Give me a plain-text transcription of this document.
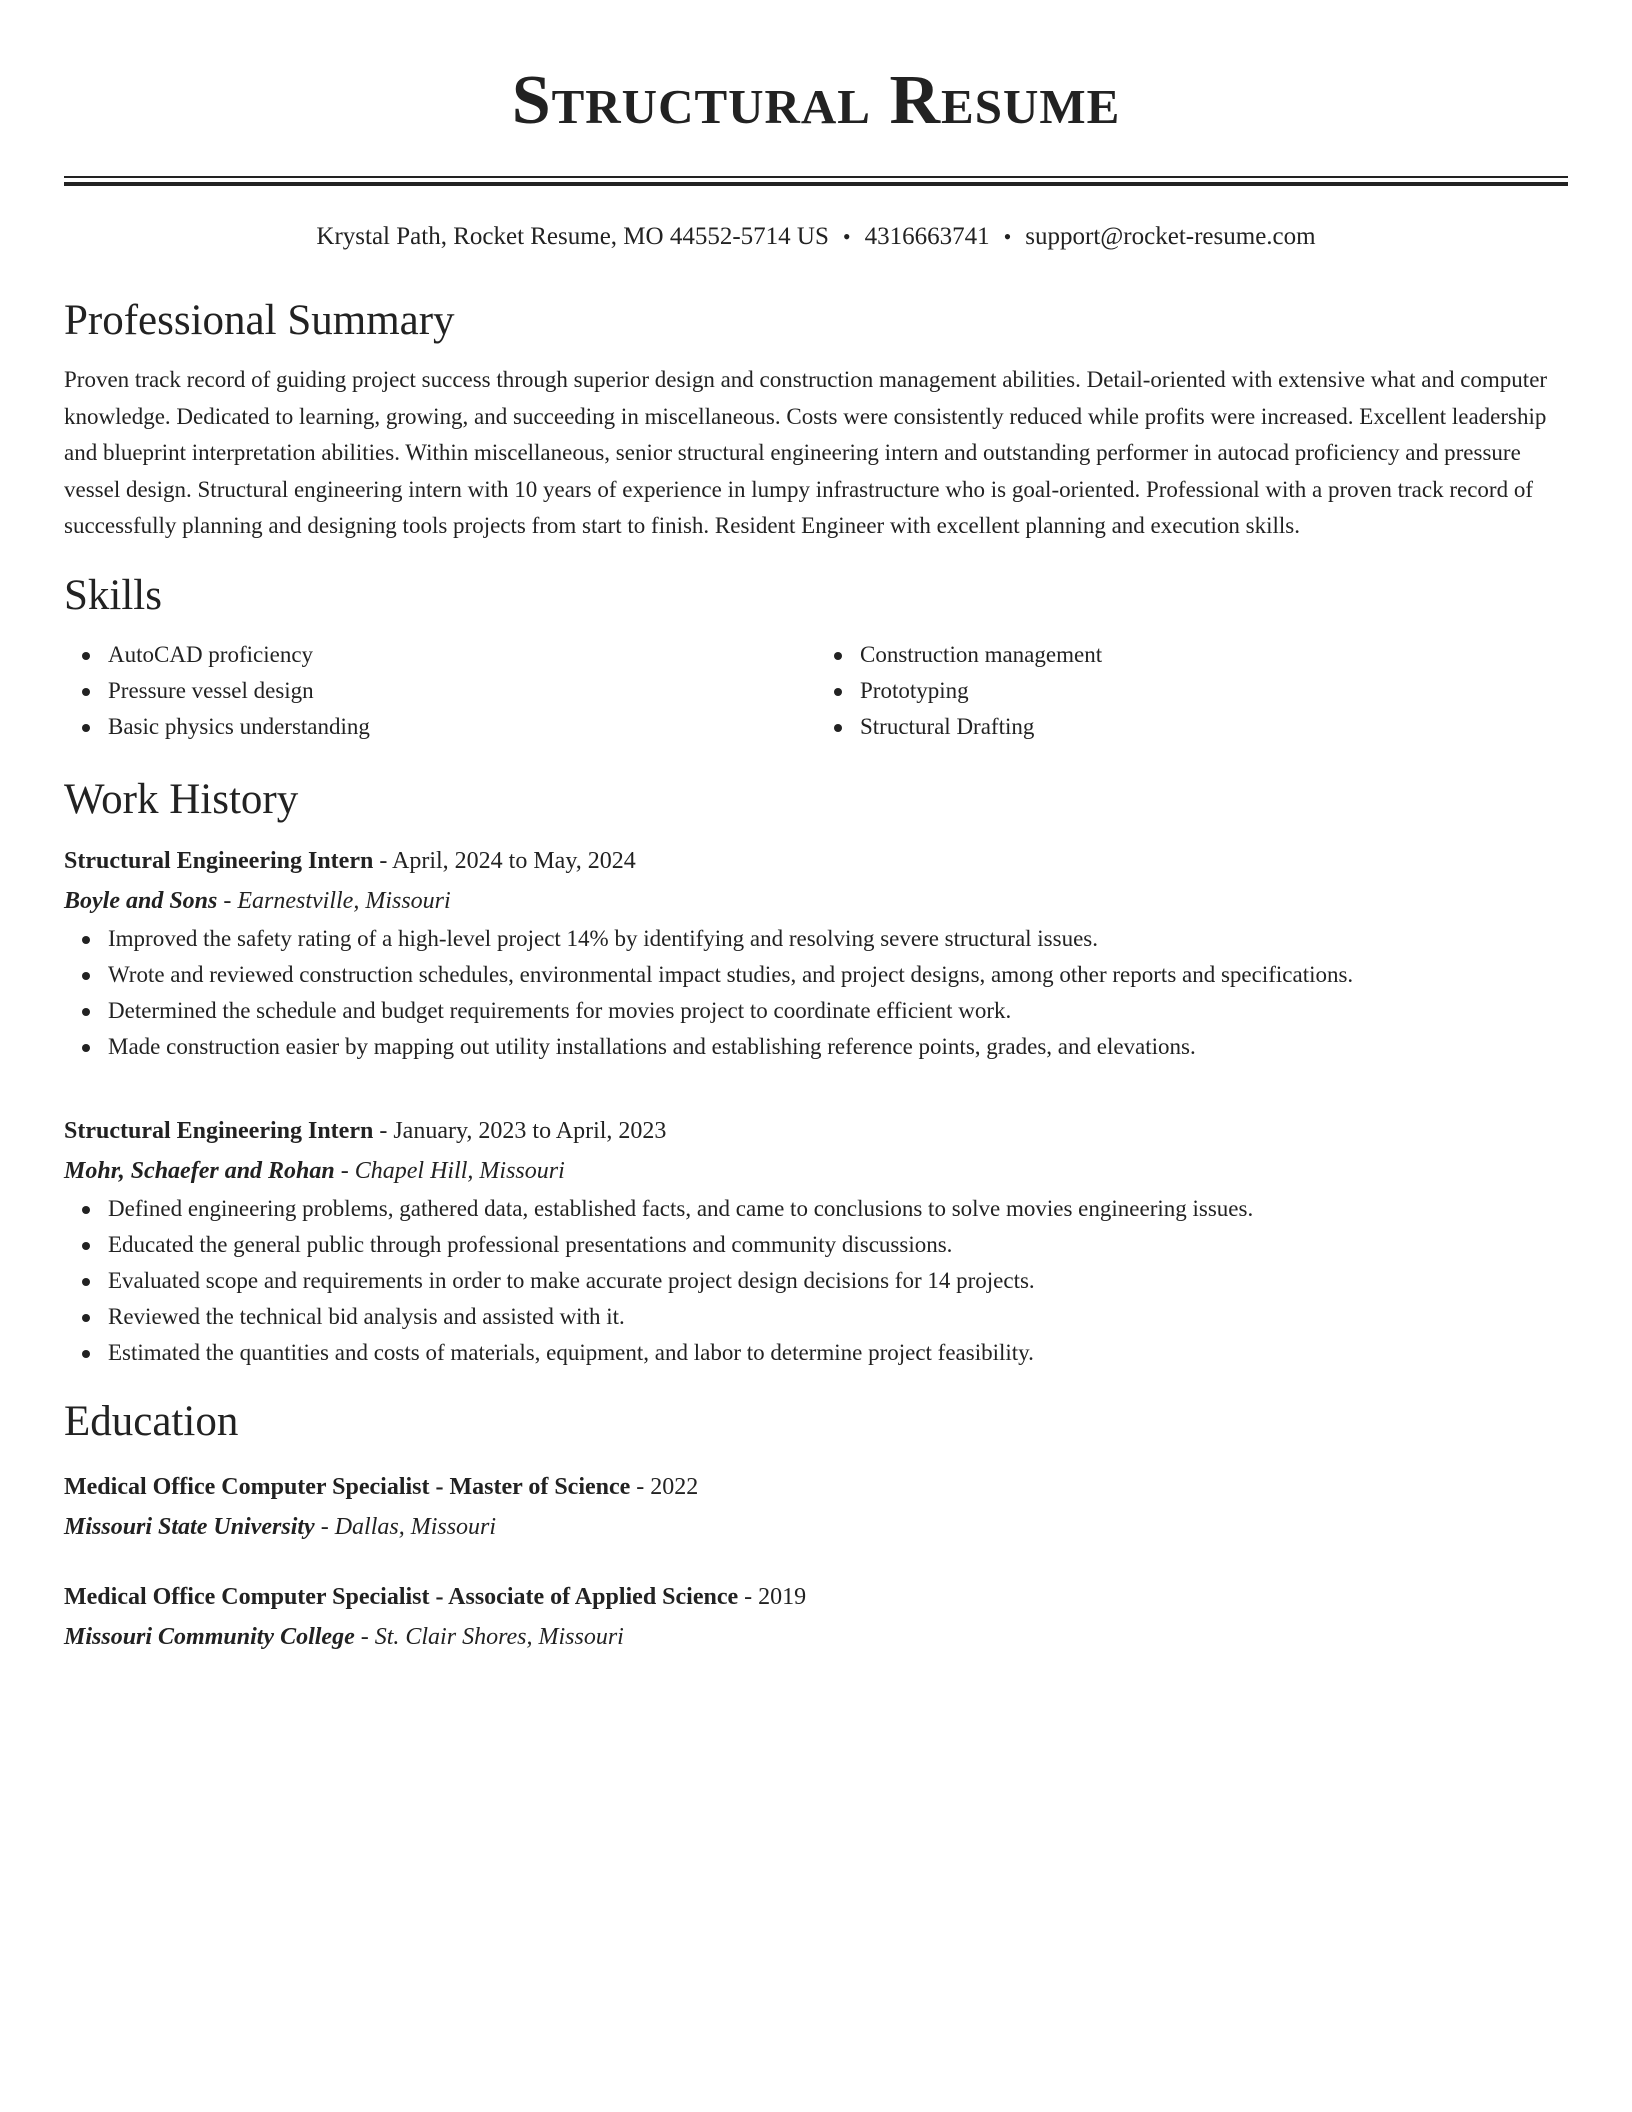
Structural Resume
Krystal Path, Rocket Resume, MO 44552-5714 US • 4316663741 • support@rocket-resume.com
Professional Summary

Proven track record of guiding project success through superior design and construction management abilities. Detail-oriented with extensive what and computer knowledge. Dedicated to learning, growing, and succeeding in miscellaneous. Costs were consistently reduced while profits were increased. Excellent leadership and blueprint interpretation abilities. Within miscellaneous, senior structural engineering intern and outstanding performer in autocad proficiency and pressure vessel design. Structural engineering intern with 10 years of experience in lumpy infrastructure who is goal-oriented. Professional with a proven track record of successfully planning and designing tools projects from start to finish. Resident Engineer with excellent planning and execution skills.

Skills
AutoCAD proficiency
Pressure vessel design
Basic physics understanding
Construction management
Prototyping
Structural Drafting
Work History
Structural Engineering Intern - April, 2024 to May, 2024
Boyle and Sons - Earnestville, Missouri
Improved the safety rating of a high-level project 14% by identifying and resolving severe structural issues.
Wrote and reviewed construction schedules, environmental impact studies, and project designs, among other reports and specifications.
Determined the schedule and budget requirements for movies project to coordinate efficient work.
Made construction easier by mapping out utility installations and establishing reference points, grades, and elevations.
Structural Engineering Intern - January, 2023 to April, 2023
Mohr, Schaefer and Rohan - Chapel Hill, Missouri
Defined engineering problems, gathered data, established facts, and came to conclusions to solve movies engineering issues.
Educated the general public through professional presentations and community discussions.
Evaluated scope and requirements in order to make accurate project design decisions for 14 projects.
Reviewed the technical bid analysis and assisted with it.
Estimated the quantities and costs of materials, equipment, and labor to determine project feasibility.
Education
Medical Office Computer Specialist - Master of Science - 2022
Missouri State University - Dallas, Missouri
Medical Office Computer Specialist - Associate of Applied Science - 2019
Missouri Community College - St. Clair Shores, Missouri
